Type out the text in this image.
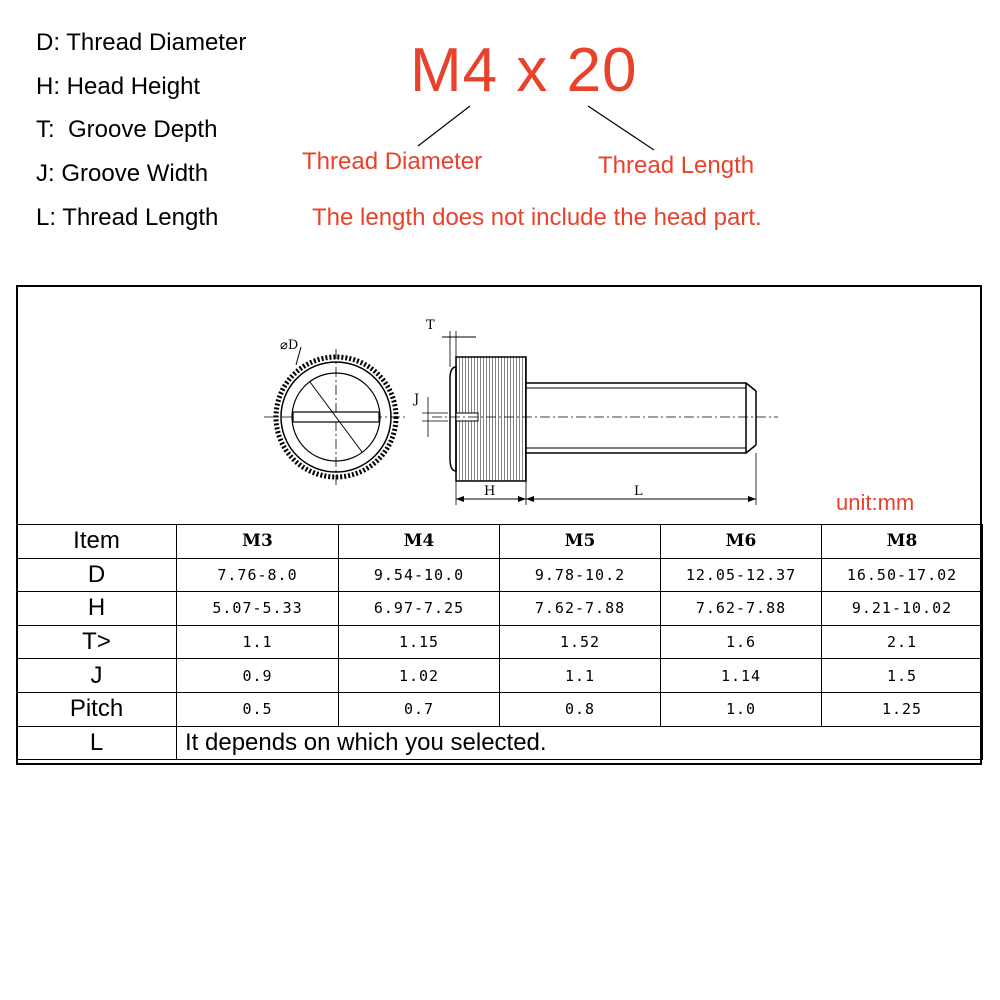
D: Thread Diameter
H: Head Height
T:  Groove Depth
J: Groove Width
L: Thread Length
M4 x 20
Thread Diameter	Thread Length
The length does not include the head part.
⌀D
T
J
H	L	unit:mm
Item	M3	M4	M5	M6	M8
D	7.76-8.0	9.54-10.0	9.78-10.2	12.05-12.37	16.50-17.02
H	5.07-5.33	6.97-7.25	7.62-7.88	7.62-7.88	9.21-10.02
T>	1.1	1.15	1.52	1.6	2.1
J	0.9	1.02	1.1	1.14	1.5
Pitch	0.5	0.7	0.8	1.0	1.25
L	It depends on which you selected.				
